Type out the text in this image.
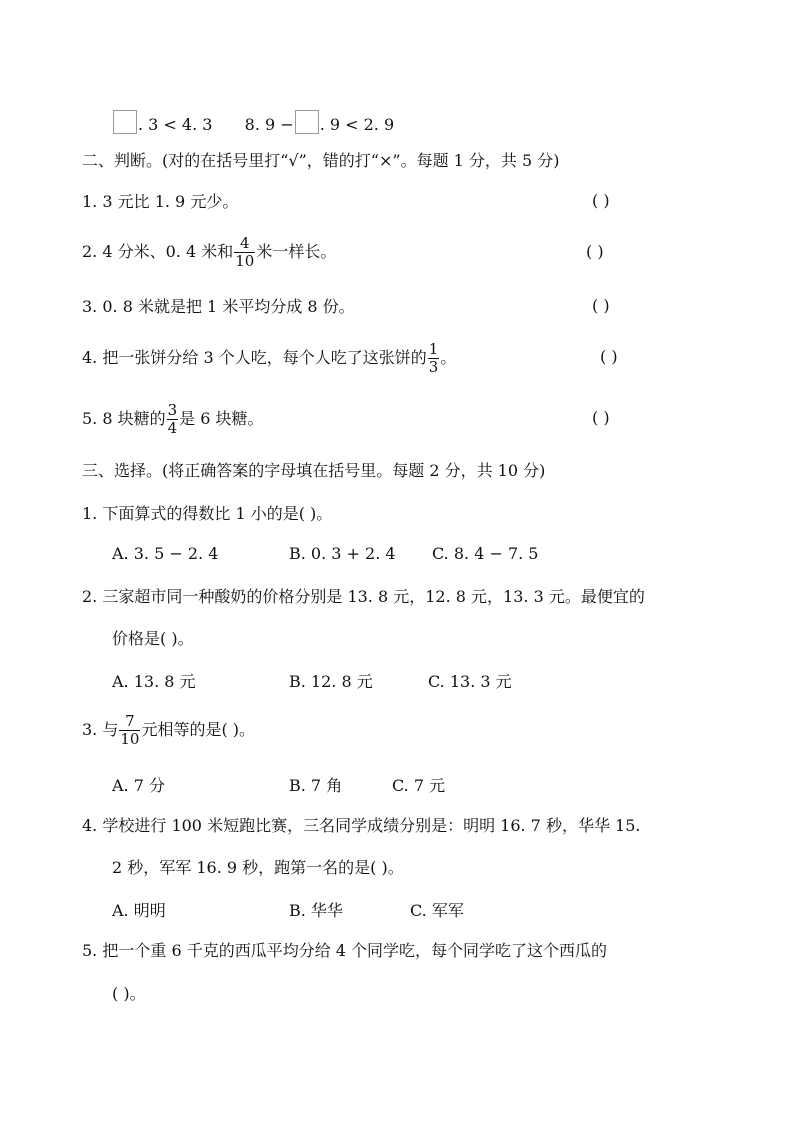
. 3 < 4. 3 8. 9 − . 9 < 2. 9
二、判断。(对的在括号里打“√”，错的打“×”。每题 1 分，共 5 分)
1. 3 元比 1. 9 元少。	( )
2. 4 分米、0. 4 米和 $\frac{4}{10}$ 米一样长。	( )
3. 0. 8 米就是把 1 米平均分成 8 份。	( )
4. 把一张饼分给 3 个人吃，每个人吃了这张饼的 $\frac{1}{3}$ 。	( )
5. 8 块糖的 $\frac{3}{4}$ 是 6 块糖。	( )
三、选择。(将正确答案的字母填在括号里。每题 2 分，共 10 分)
1. 下面算式的得数比 1 小的是( )。
A. 3. 5 − 2. 4	B. 0. 3 + 2. 4 C. 8. 4 − 7. 5
2. 三家超市同一种酸奶的价格分别是 13. 8 元，12. 8 元，13. 3 元。最便宜的
价格是( )。
A. 13. 8 元	B. 12. 8 元	C. 13. 3 元
3. 与 $\frac{7}{10}$ 元相等的是( )。
A. 7 分	B. 7 角	C. 7 元
4. 学校进行 100 米短跑比赛，三名同学成绩分别是：明明 16. 7 秒，华华 15.
2 秒，军军 16. 9 秒，跑第一名的是( )。
A. 明明	B. 华华	C. 军军
5. 把一个重 6 千克的西瓜平均分给 4 个同学吃，每个同学吃了这个西瓜的
( )。
